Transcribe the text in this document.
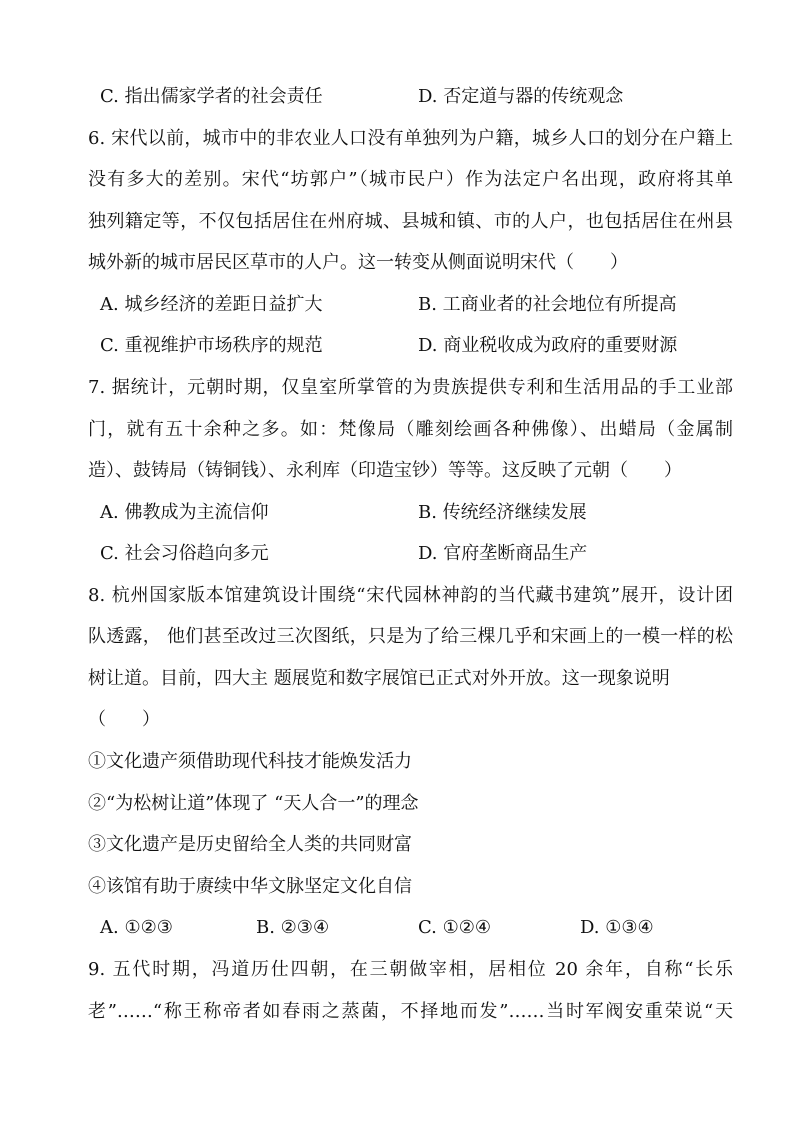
C. 指出儒家学者的社会责任	D. 否定道与器的传统观念
6. 宋代以前，城市中的非农业人口没有单独列为户籍，城乡人口的划分在户籍上
没有多大的差别。宋代“坊郭户”（城市民户）作为法定户名出现，政府将其单
独列籍定等，不仅包括居住在州府城、县城和镇、市的人户，也包括居住在州县
城外新的城市居民区草市的人户。这一转变从侧面说明宋代（　　）
A. 城乡经济的差距日益扩大	B. 工商业者的社会地位有所提高
C. 重视维护市场秩序的规范	D. 商业税收成为政府的重要财源
7. 据统计，元朝时期，仅皇室所掌管的为贵族提供专利和生活用品的手工业部
门，就有五十余种之多。如：梵像局（雕刻绘画各种佛像）、出蜡局（金属制
造）、鼓铸局（铸铜钱）、永利库（印造宝钞）等等。这反映了元朝（　　）
A. 佛教成为主流信仰	B. 传统经济继续发展
C. 社会习俗趋向多元	D. 官府垄断商品生产
8. 杭州国家版本馆建筑设计围绕“宋代园林神韵的当代藏书建筑”展开，设计团
队透露， 他们甚至改过三次图纸，只是为了给三棵几乎和宋画上的一模一样的松
树让道。目前，四大主 题展览和数字展馆已正式对外开放。这一现象说明
（　　）
①文化遗产须借助现代科技才能焕发活力
②“为松树让道”体现了 “天人合一”的理念
③文化遗产是历史留给全人类的共同财富
④该馆有助于赓续中华文脉坚定文化自信
A. ①②③	B. ②③④	C. ①②④	D. ①③④
9. 五代时期，冯道历仕四朝，在三朝做宰相，居相位 20 余年，自称“长乐
老”……“称王称帝者如春雨之蒸菌，不择地而发”……当时军阀安重荣说“天
